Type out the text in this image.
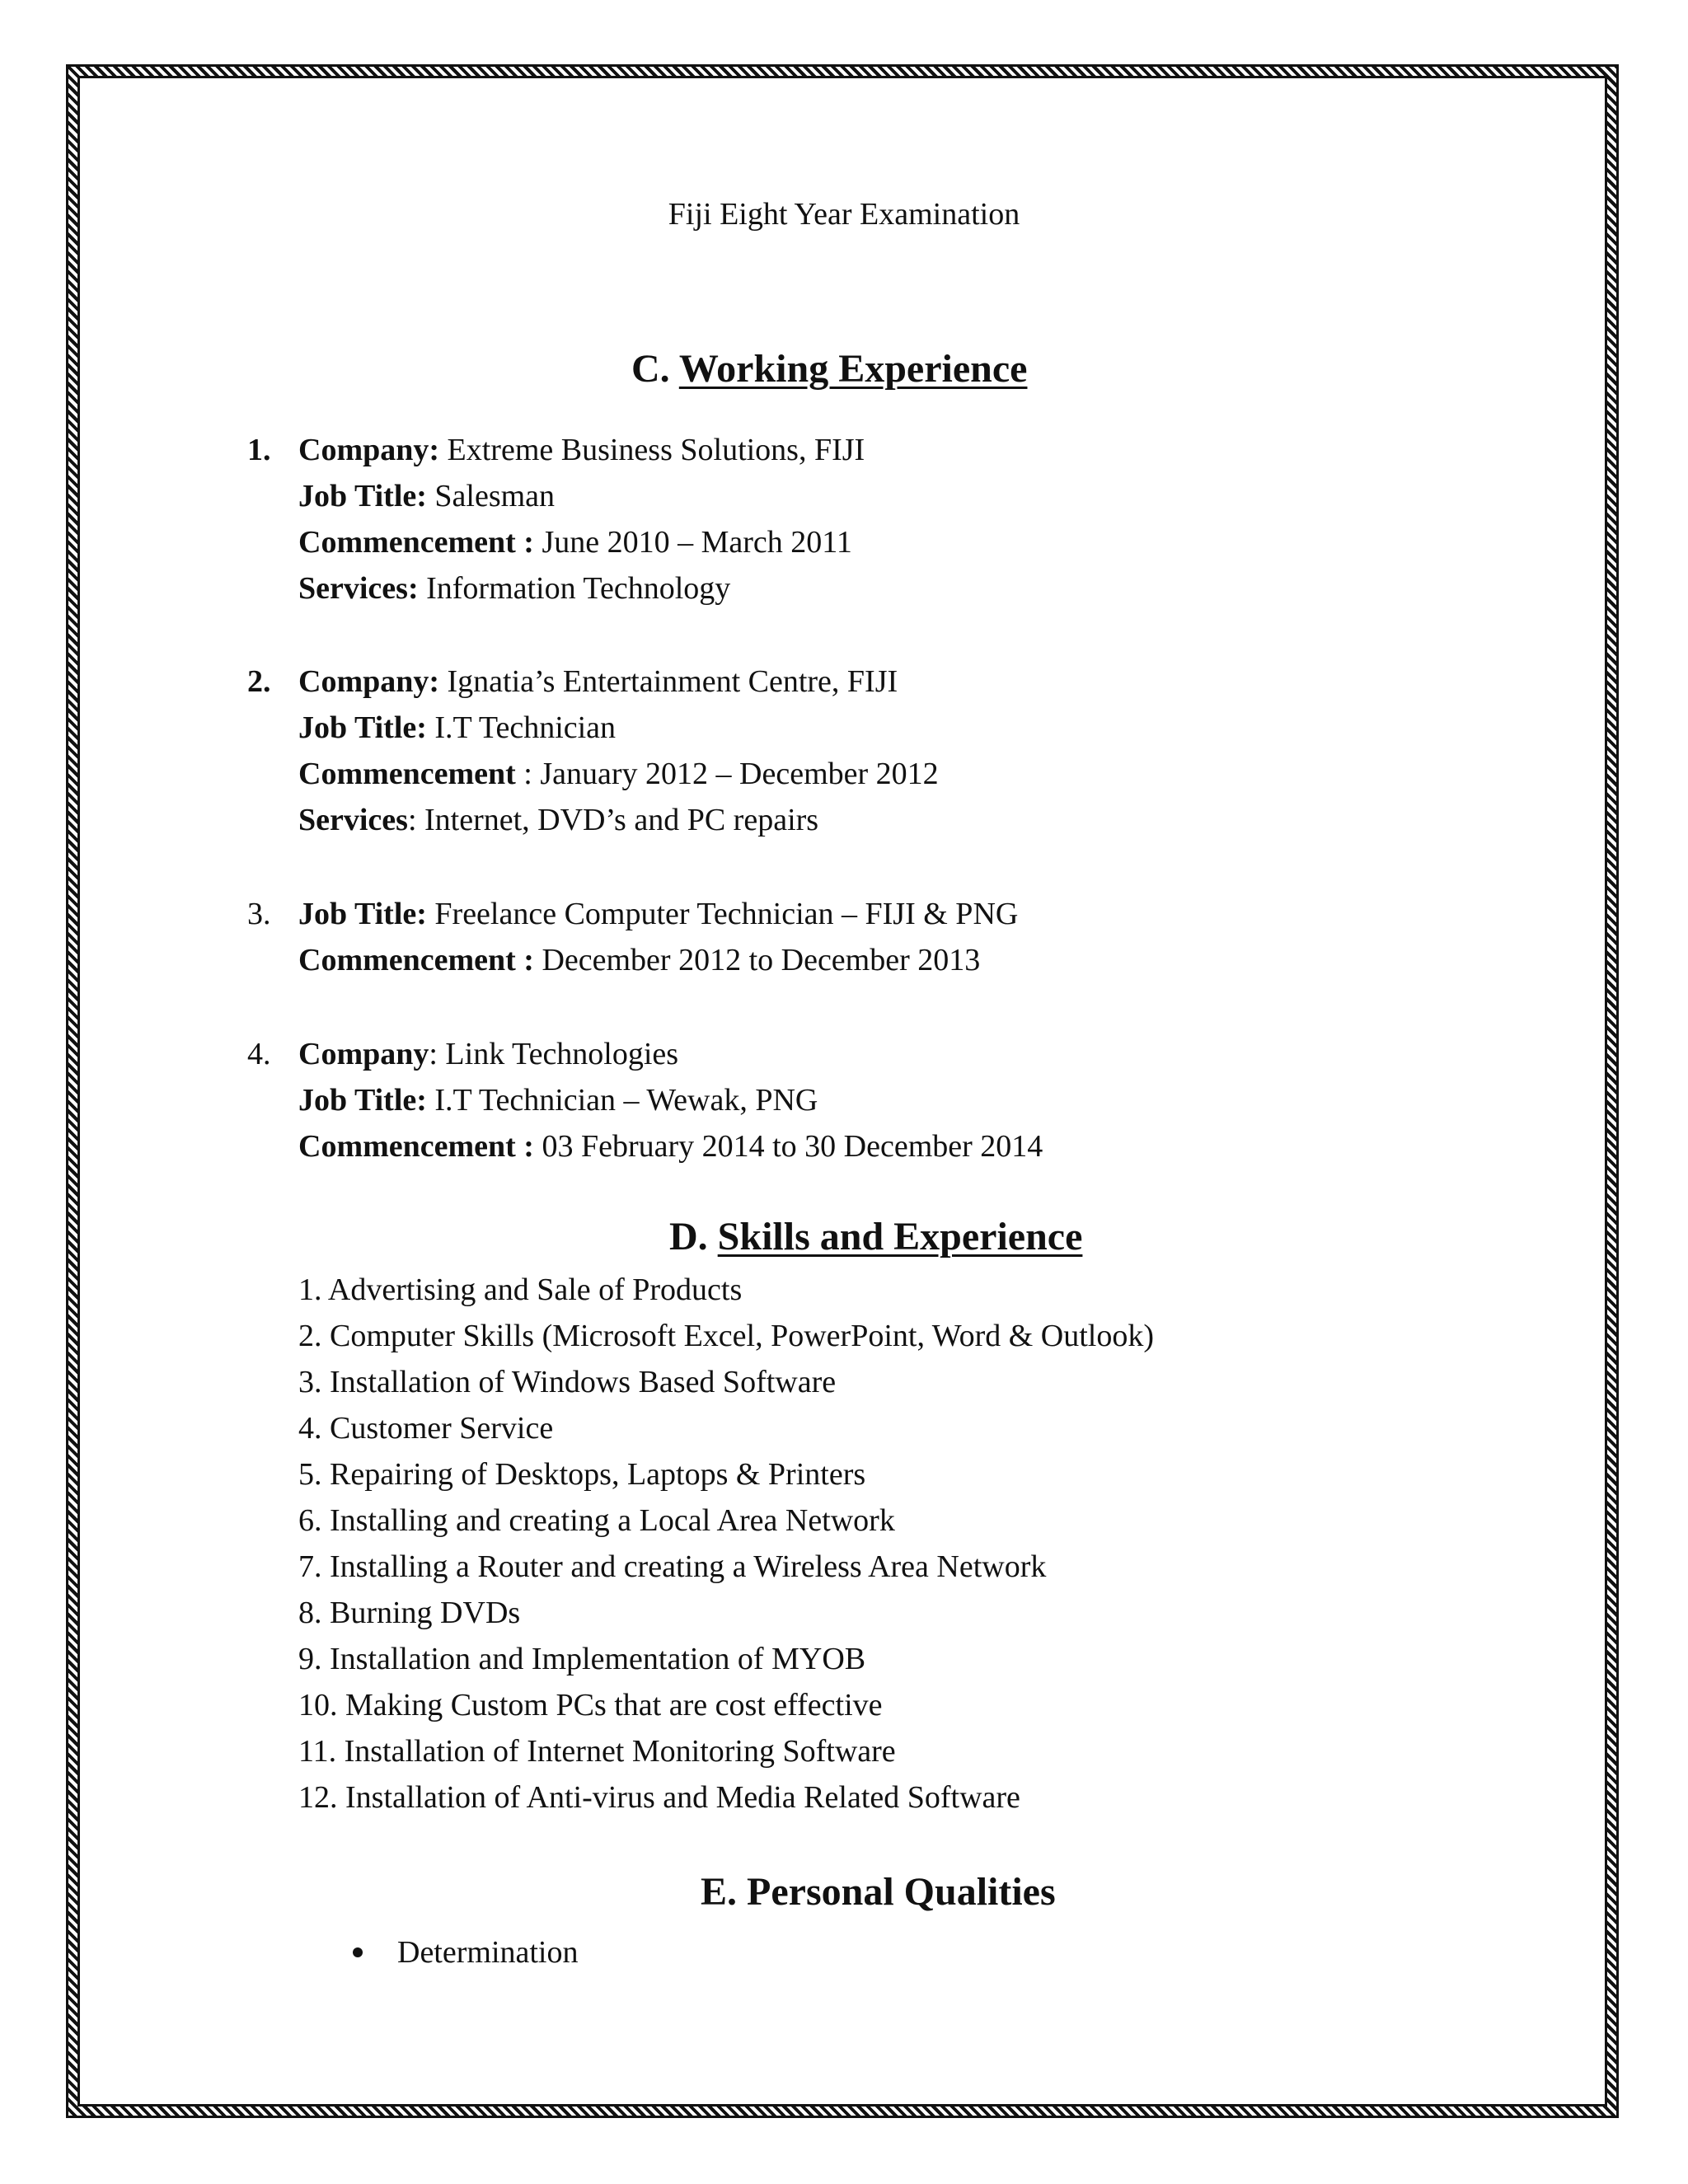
Fiji Eight Year Examination
C. Working Experience
1. Company: Extreme Business Solutions, FIJI
Job Title: Salesman
Commencement : June 2010 – March 2011
Services: Information Technology
2. Company: Ignatia’s Entertainment Centre, FIJI
Job Title: I.T Technician
Commencement : January 2012 – December 2012
Services: Internet, DVD’s and PC repairs
3. Job Title: Freelance Computer Technician – FIJI & PNG
Commencement : December 2012 to December 2013
4. Company: Link Technologies
Job Title: I.T Technician – Wewak, PNG
Commencement : 03 February 2014 to 30 December 2014
D. Skills and Experience
1. Advertising and Sale of Products
2. Computer Skills (Microsoft Excel, PowerPoint, Word & Outlook)
3. Installation of Windows Based Software
4. Customer Service
5. Repairing of Desktops, Laptops & Printers
6. Installing and creating a Local Area Network
7. Installing a Router and creating a Wireless Area Network
8. Burning DVDs
9. Installation and Implementation of MYOB
10. Making Custom PCs that are cost effective
11. Installation of Internet Monitoring Software
12. Installation of Anti-virus and Media Related Software
E. Personal Qualities
Determination
